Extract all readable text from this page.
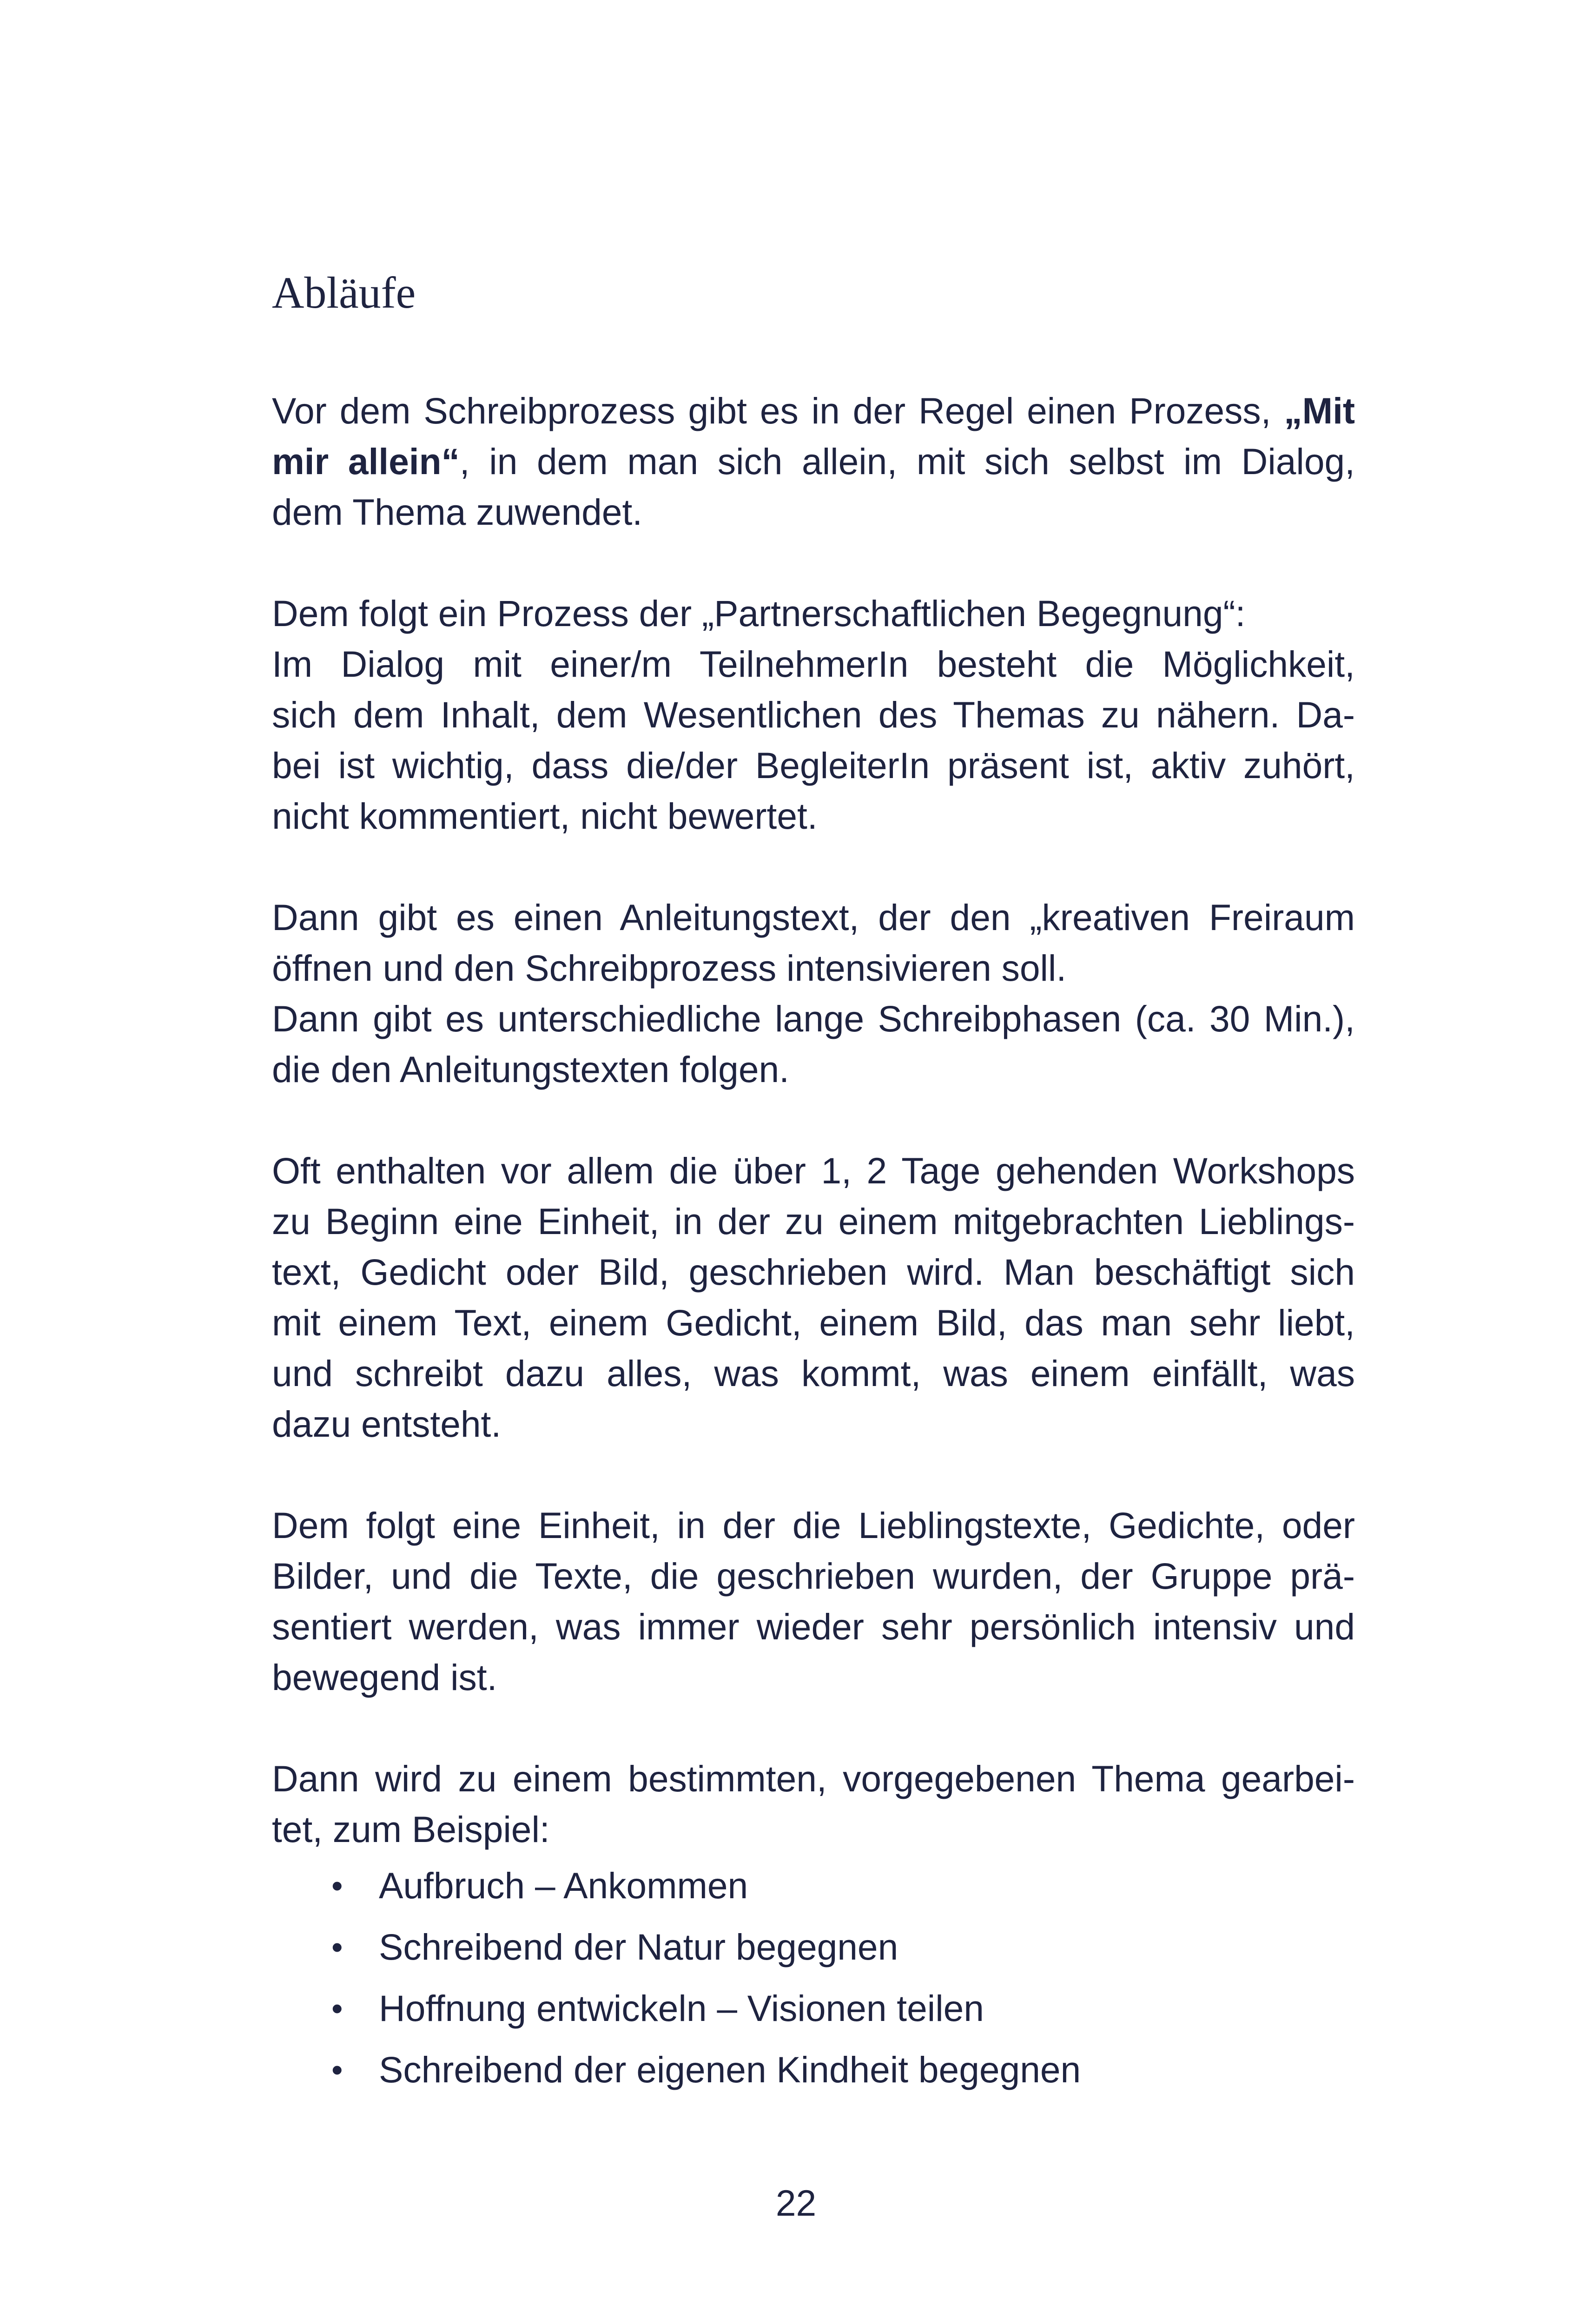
Abläufe

Vor dem Schreibprozess gibt es in der Regel einen Prozess, „Mit
mir allein“, in dem man sich allein, mit sich selbst im Dialog,
dem Thema zuwendet.

Dem folgt ein Prozess der „Partnerschaftlichen Begegnung“:
Im Dialog mit einer/m TeilnehmerIn besteht die Möglichkeit,
sich dem Inhalt, dem Wesentlichen des Themas zu nähern. Da-
bei ist wichtig, dass die/der BegleiterIn präsent ist, aktiv zuhört,
nicht kommentiert, nicht bewertet.

Dann gibt es einen Anleitungstext, der den „kreativen Freiraum
öffnen und den Schreibprozess intensivieren soll.
Dann gibt es unterschiedliche lange Schreibphasen (ca. 30 Min.),
die den Anleitungstexten folgen.

Oft enthalten vor allem die über 1, 2 Tage gehenden Workshops
zu Beginn eine Einheit, in der zu einem mitgebrachten Lieblings-
text, Gedicht oder Bild, geschrieben wird. Man beschäftigt sich
mit einem Text, einem Gedicht, einem Bild, das man sehr liebt,
und schreibt dazu alles, was kommt, was einem einfällt, was
dazu entsteht.

Dem folgt eine Einheit, in der die Lieblingstexte, Gedichte, oder
Bilder, und die Texte, die geschrieben wurden, der Gruppe prä-
sentiert werden, was immer wieder sehr persönlich intensiv und
bewegend ist.

Dann wird zu einem bestimmten, vorgegebenen Thema gearbei-
tet, zum Beispiel:

• Aufbruch – Ankommen
• Schreibend der Natur begegnen
• Hoffnung entwickeln – Visionen teilen
• Schreibend der eigenen Kindheit begegnen
22
